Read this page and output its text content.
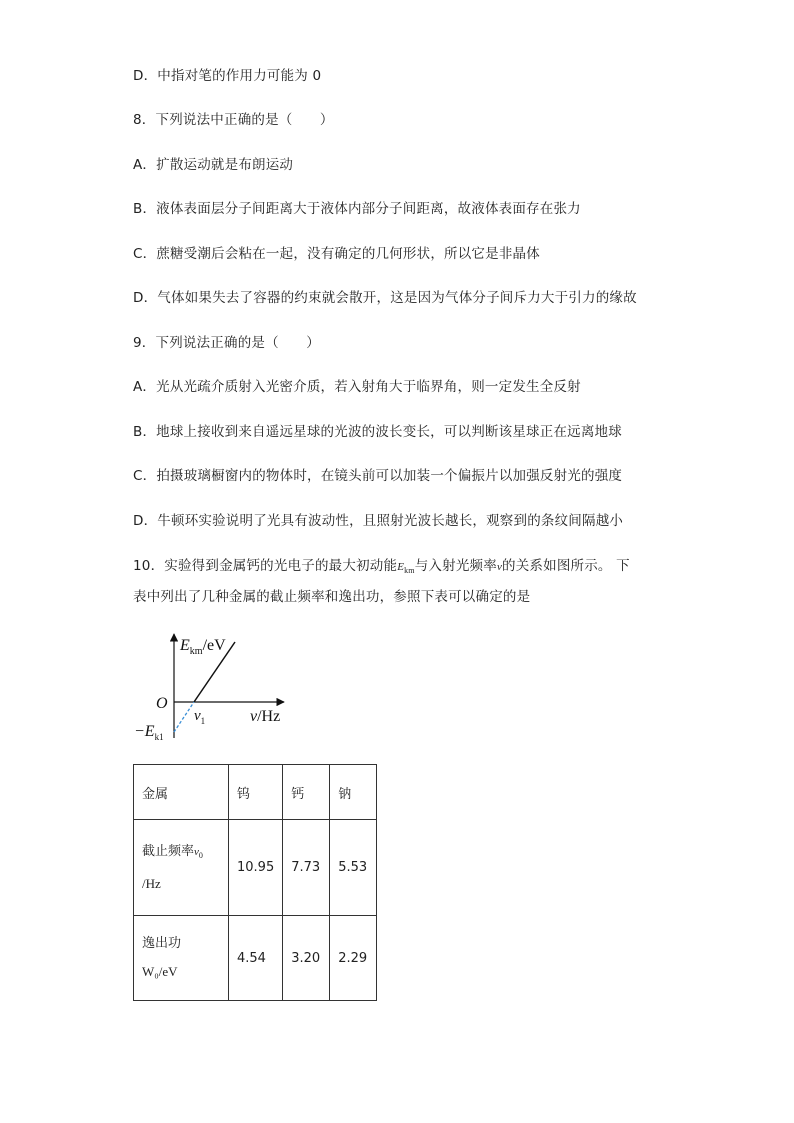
D．中指对笔的作用力可能为 0
8．下列说法中正确的是（　　）
A．扩散运动就是布朗运动
B．液体表面层分子间距离大于液体内部分子间距离，故液体表面存在张力
C．蔗糖受潮后会粘在一起，没有确定的几何形状，所以它是非晶体
D．气体如果失去了容器的约束就会散开，这是因为气体分子间斥力大于引力的缘故
9．下列说法正确的是（　　）
A．光从光疏介质射入光密介质，若入射角大于临界角，则一定发生全反射
B．地球上接收到来自遥远星球的光波的波长变长，可以判断该星球正在远离地球
C．拍摄玻璃橱窗内的物体时，在镜头前可以加装一个偏振片以加强反射光的强度
D．牛顿环实验说明了光具有波动性，且照射光波长越长，观察到的条纹间隔越小
10．实验得到金属钙的光电子的最大初动能$E_{km}$与入射光频率ν的关系如图所示。 下
表中列出了几种金属的截止频率和逸出功，参照下表可以确定的是
$E_{km}/eV$
O
$\nu_1$	ν/Hz
$-E_{k1}$
金属	钨	钙	钠

截止频率$\nu_0$
/Hz	10.95	7.73	5.53

逸出功
W₀/eV	4.54	3.20	2.29
